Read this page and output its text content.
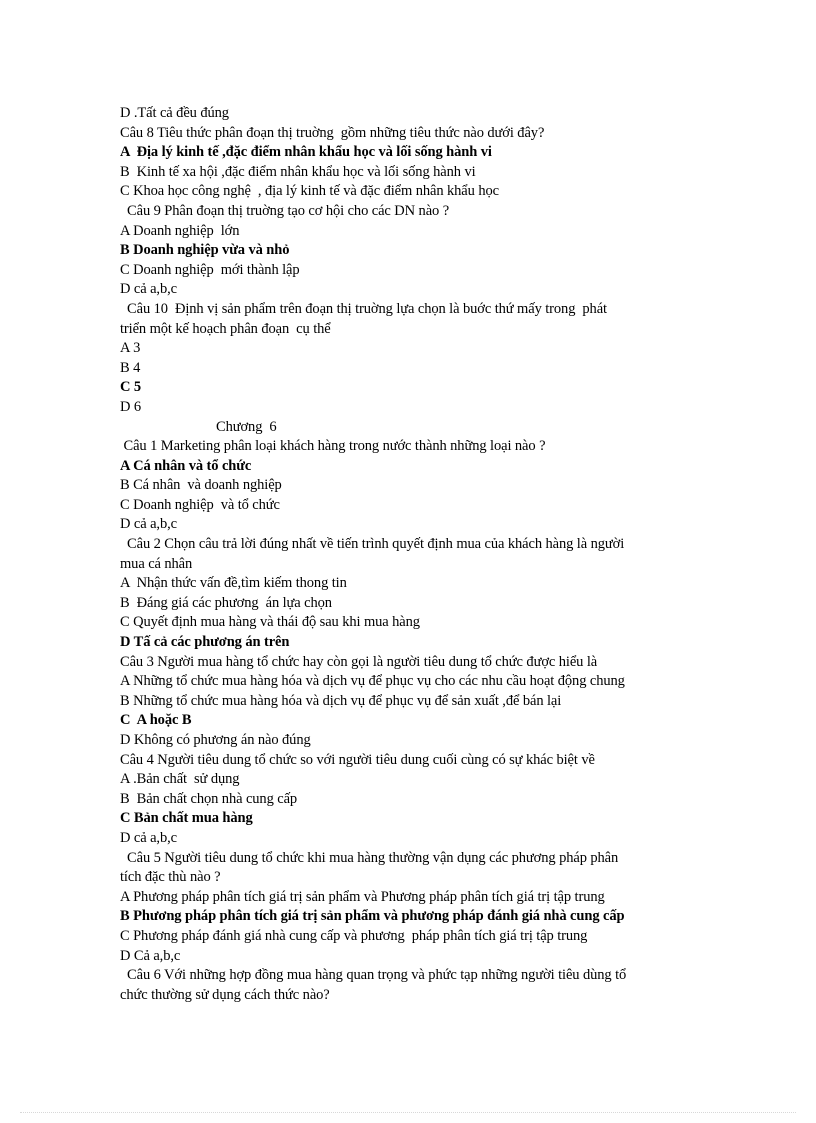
D .Tất cả đều đúng
Câu 8 Tiêu thức phân đoạn thị truờng  gồm những tiêu thức nào dưới đây?
A  Địa lý kinh tế ,đặc điểm nhân khẩu học và lối sống hành vi
B  Kinh tế xa hội ,đặc điểm nhân khẩu học và lối sống hành vi
C Khoa học công nghệ  , địa lý kinh tế và đặc điểm nhân khẩu học
Câu 9 Phân đoạn thị truờng tạo cơ hội cho các DN nào ?
A Doanh nghiệp  lớn
B Doanh nghiệp vừa và nhỏ
C Doanh nghiệp  mới thành lập
D cả a,b,c
Câu 10  Định vị sản phẩm trên đoạn thị truờng lựa chọn là buớc thứ mấy trong  phát
triển một kế hoạch phân đoạn  cụ thể
A 3
B 4
C 5
D 6
Chương  6
Câu 1 Marketing phân loại khách hàng trong nước thành những loại nào ?
A Cá nhân và tổ chức
B Cá nhân  và doanh nghiệp
C Doanh nghiệp  và tổ chức
D cả a,b,c
Câu 2 Chọn câu trả lời đúng nhất về tiến trình quyết định mua của khách hàng là người
mua cá nhân
A  Nhận thức vấn đề,tìm kiếm thong tin
B  Đáng giá các phương  án lựa chọn
C Quyết định mua hàng và thái độ sau khi mua hàng
D Tấ cả các phương án trên
Câu 3 Người mua hàng tổ chức hay còn gọi là người tiêu dung tổ chức được hiểu là
A Những tổ chức mua hàng hóa và dịch vụ để phục vụ cho các nhu cầu hoạt động chung
B Những tổ chức mua hàng hóa và dịch vụ để phục vụ để sản xuất ,để bán lại
C  A hoặc B
D Không có phương án nào đúng
Câu 4 Người tiêu dung tổ chức so với người tiêu dung cuối cùng có sự khác biệt về
A .Bản chất  sử dụng
B  Bản chất chọn nhà cung cấp
C Bản chất mua hàng
D cả a,b,c
Câu 5 Người tiêu dung tổ chức khi mua hàng thường vận dụng các phương pháp phân
tích đặc thù nào ?
A Phương pháp phân tích giá trị sản phẩm và Phương pháp phân tích giá trị tập trung
B Phương pháp phân tích giá trị sản phẩm và phương pháp đánh giá nhà cung cấp
C Phương pháp đánh giá nhà cung cấp và phương  pháp phân tích giá trị tập trung
D Cả a,b,c
Câu 6 Với những hợp đồng mua hàng quan trọng và phức tạp những người tiêu dùng tổ
chức thường sử dụng cách thức nào?
